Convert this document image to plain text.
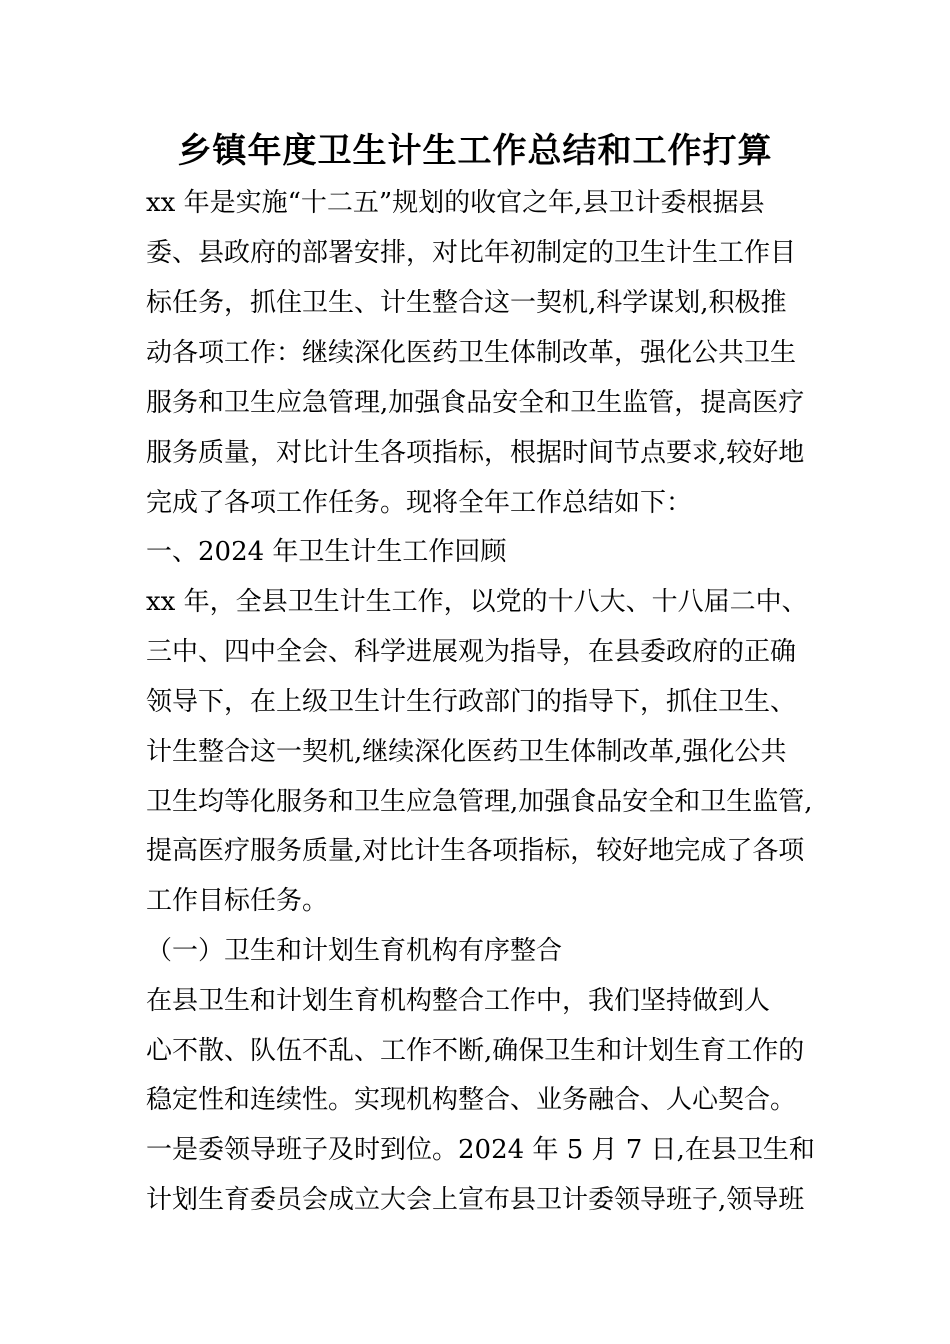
乡镇年度卫生计生工作总结和工作打算
xx 年是实施“十二五”规划的收官之年,县卫计委根据县
委、县政府的部署安排，对比年初制定的卫生计生工作目
标任务，抓住卫生、计生整合这一契机,科学谋划,积极推
动各项工作：继续深化医药卫生体制改革，强化公共卫生
服务和卫生应急管理,加强食品安全和卫生监管，提高医疗
服务质量，对比计生各项指标，根据时间节点要求,较好地
完成了各项工作任务。现将全年工作总结如下：
一、2024 年卫生计生工作回顾
xx 年，全县卫生计生工作，以党的十八大、十八届二中、
三中、四中全会、科学进展观为指导，在县委政府的正确
领导下，在上级卫生计生行政部门的指导下，抓住卫生、
计生整合这一契机,继续深化医药卫生体制改革,强化公共
卫生均等化服务和卫生应急管理,加强食品安全和卫生监管,
提高医疗服务质量,对比计生各项指标，较好地完成了各项
工作目标任务。
（一）卫生和计划生育机构有序整合
在县卫生和计划生育机构整合工作中，我们坚持做到人
心不散、队伍不乱、工作不断,确保卫生和计划生育工作的
稳定性和连续性。实现机构整合、业务融合、人心契合。
一是委领导班子及时到位。2024 年 5 月 7 日,在县卫生和
计划生育委员会成立大会上宣布县卫计委领导班子,领导班
